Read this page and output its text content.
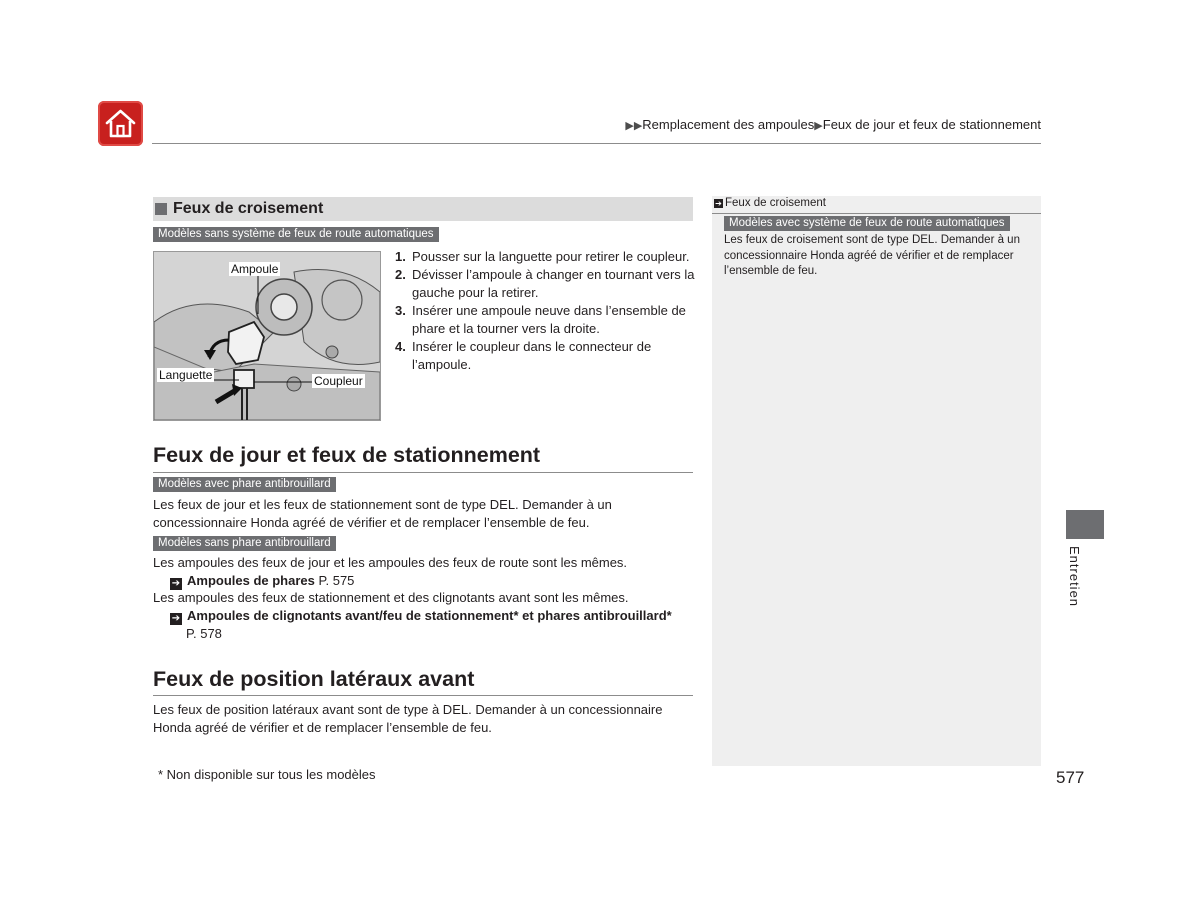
▶▶Remplacement des ampoules▶Feux de jour et feux de stationnement
Feux de croisement
Modèles sans système de feux de route automatiques
Ampoule
Languette	Coupleur
1. Pousser sur la languette pour retirer le coupleur.
2. Dévisser l’ampoule à changer en tournant vers la gauche pour la retirer.
3. Insérer une ampoule neuve dans l’ensemble de phare et la tourner vers la droite.
4. Insérer le coupleur dans le connecteur de l’ampoule.
Feux de jour et feux de stationnement
Modèles avec phare antibrouillard
Les feux de jour et les feux de stationnement sont de type DEL. Demander à un concessionnaire Honda agréé de vérifier et de remplacer l’ensemble de feu.
Modèles sans phare antibrouillard
Les ampoules des feux de jour et les ampoules des feux de route sont les mêmes.
➔ Ampoules de phares P. 575
Les ampoules des feux de stationnement et des clignotants avant sont les mêmes.
➔ Ampoules de clignotants avant/feu de stationnement* et phares antibrouillard*
P. 578
Feux de position latéraux avant
Les feux de position latéraux avant sont de type à DEL. Demander à un concessionnaire Honda agréé de vérifier et de remplacer l’ensemble de feu.
➔ Feux de croisement
Modèles avec système de feux de route automatiques
Les feux de croisement sont de type DEL. Demander à un concessionnaire Honda agréé de vérifier et de remplacer l’ensemble de feu.
Entretien
* Non disponible sur tous les modèles	577
